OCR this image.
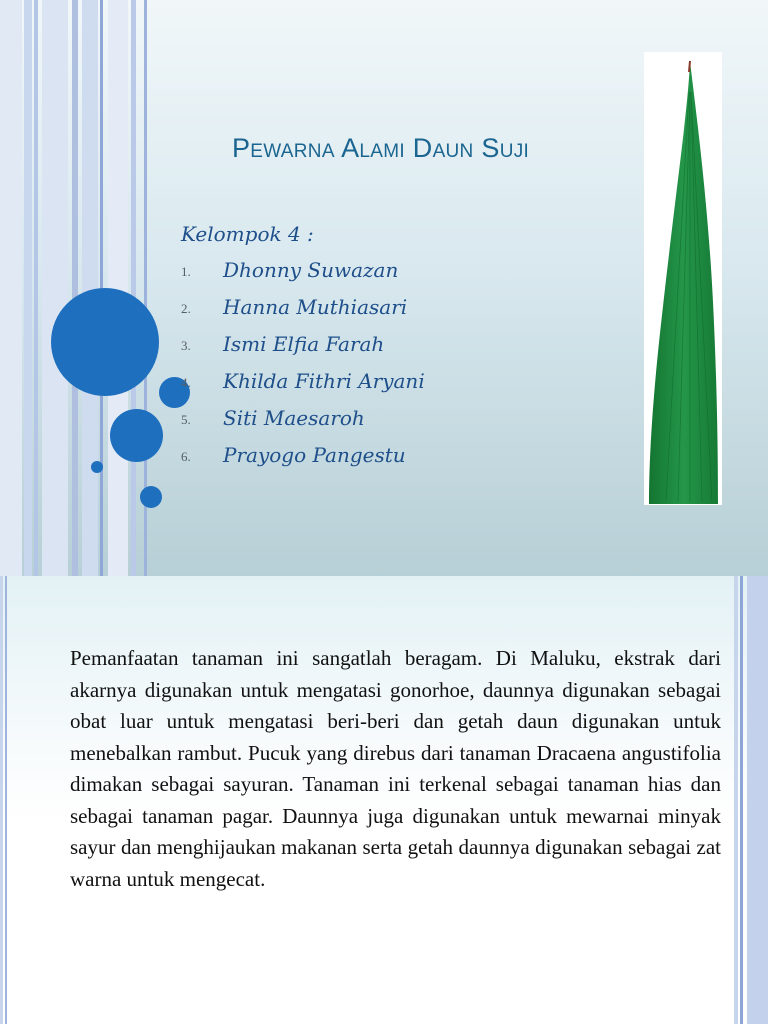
Pewarna Alami Daun Suji
Kelompok 4 :
1. Dhonny Suwazan
2. Hanna Muthiasari
3. Ismi Elfia Farah
4. Khilda Fithri Aryani
5. Siti Maesaroh
6. Prayogo Pangestu
Pemanfaatan tanaman ini sangatlah beragam. Di Maluku, ekstrak dari akarnya digunakan untuk mengatasi gonorhoe, daunnya digunakan sebagai obat luar untuk mengatasi beri-beri dan getah daun digunakan untuk menebalkan rambut. Pucuk yang direbus dari tanaman Dracaena angustifolia dimakan sebagai sayuran. Tanaman ini terkenal sebagai tanaman hias dan sebagai tanaman pagar. Daunnya juga digunakan untuk mewarnai minyak sayur dan menghijaukan makanan serta getah daunnya digunakan sebagai zat warna untuk mengecat.
